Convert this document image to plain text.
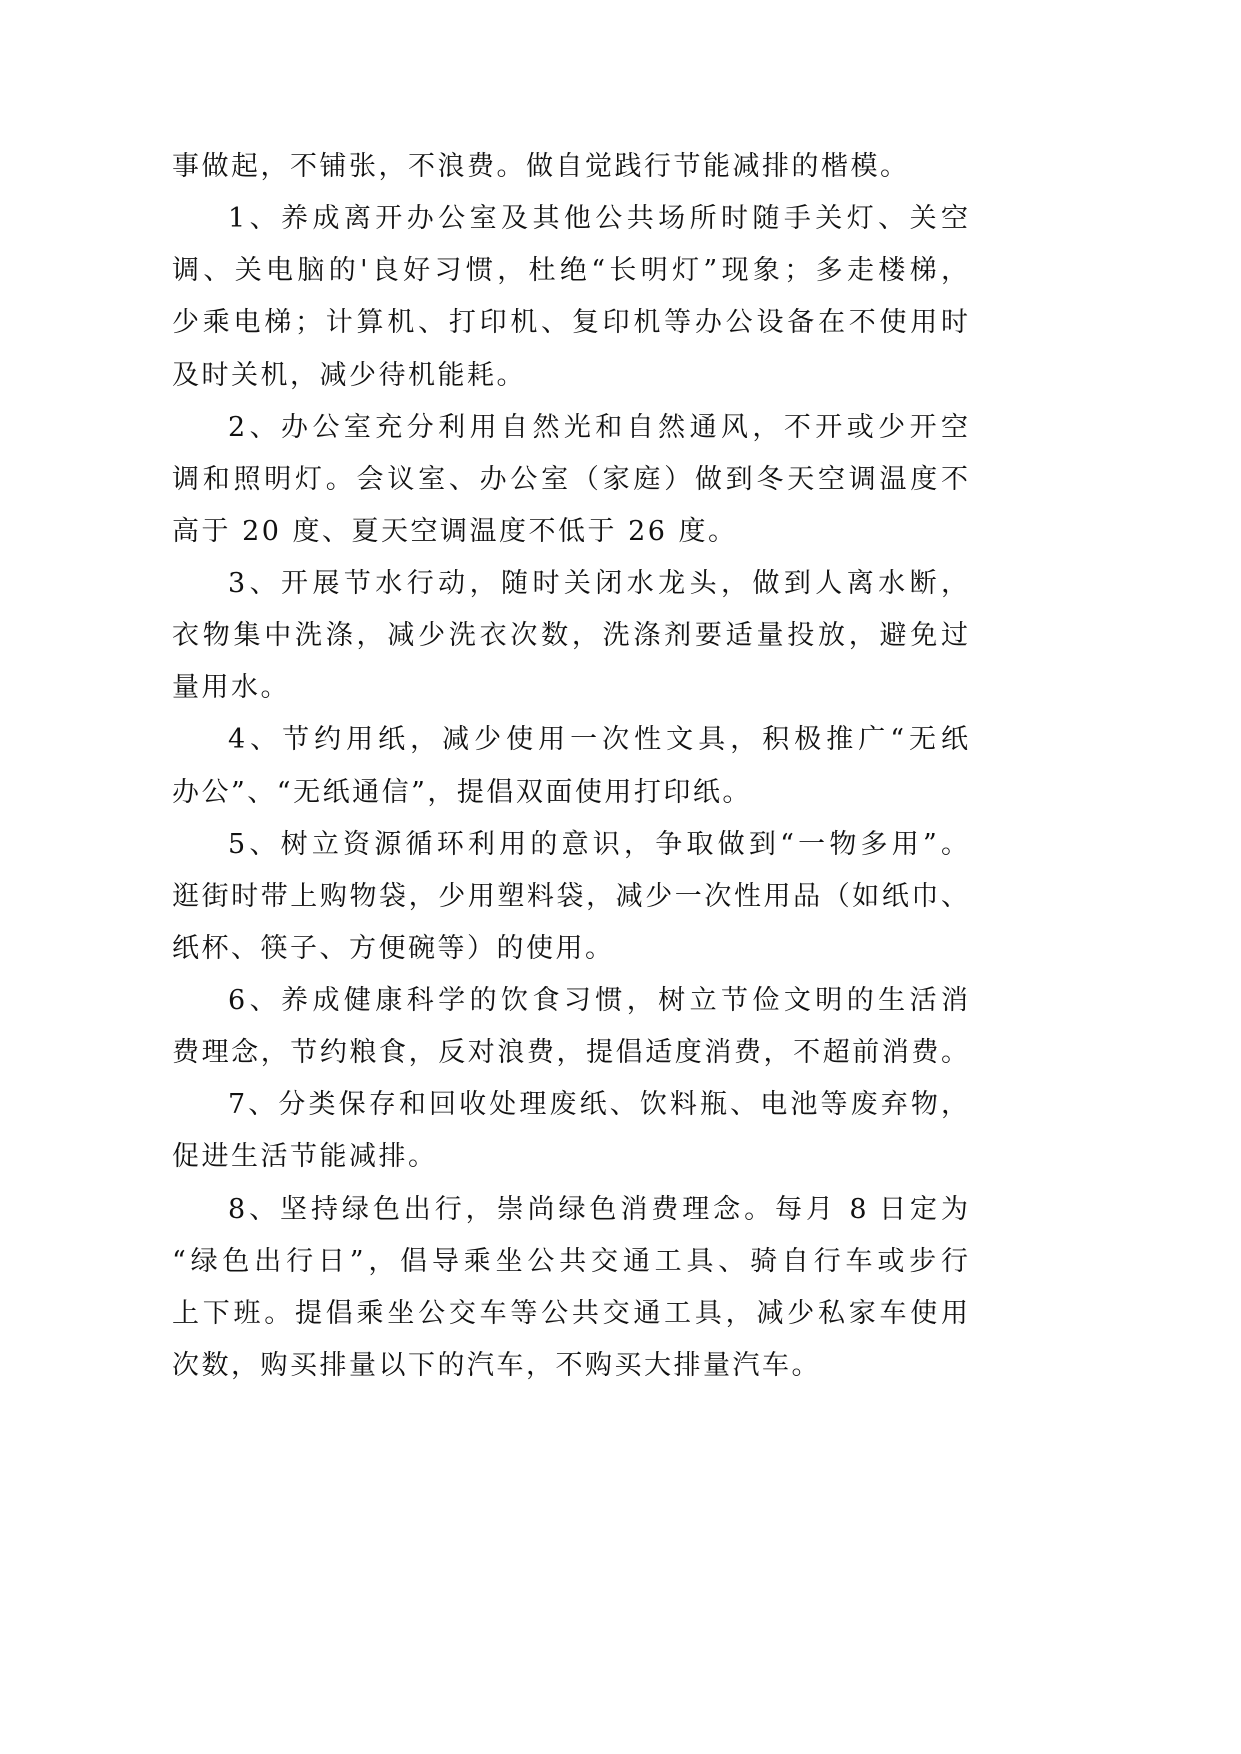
事做起，不铺张，不浪费。做自觉践行节能减排的楷模。
1、养成离开办公室及其他公共场所时随手关灯、关空
调、关电脑的'良好习惯，杜绝“长明灯”现象；多走楼梯，
少乘电梯；计算机、打印机、复印机等办公设备在不使用时
及时关机，减少待机能耗。
2、办公室充分利用自然光和自然通风，不开或少开空
调和照明灯。会议室、办公室（家庭）做到冬天空调温度不
高于 20 度、夏天空调温度不低于 26 度。
3、开展节水行动，随时关闭水龙头，做到人离水断，
衣物集中洗涤，减少洗衣次数，洗涤剂要适量投放，避免过
量用水。
4、节约用纸，减少使用一次性文具，积极推广“无纸
办公”、“无纸通信”，提倡双面使用打印纸。
5、树立资源循环利用的意识，争取做到“一物多用”。
逛街时带上购物袋，少用塑料袋，减少一次性用品（如纸巾、
纸杯、筷子、方便碗等）的使用。
6、养成健康科学的饮食习惯，树立节俭文明的生活消
费理念，节约粮食，反对浪费，提倡适度消费，不超前消费。
7、分类保存和回收处理废纸、饮料瓶、电池等废弃物，
促进生活节能减排。
8、坚持绿色出行，崇尚绿色消费理念。每月 8 日定为
“绿色出行日”，倡导乘坐公共交通工具、骑自行车或步行
上下班。提倡乘坐公交车等公共交通工具，减少私家车使用
次数，购买排量以下的汽车，不购买大排量汽车。
